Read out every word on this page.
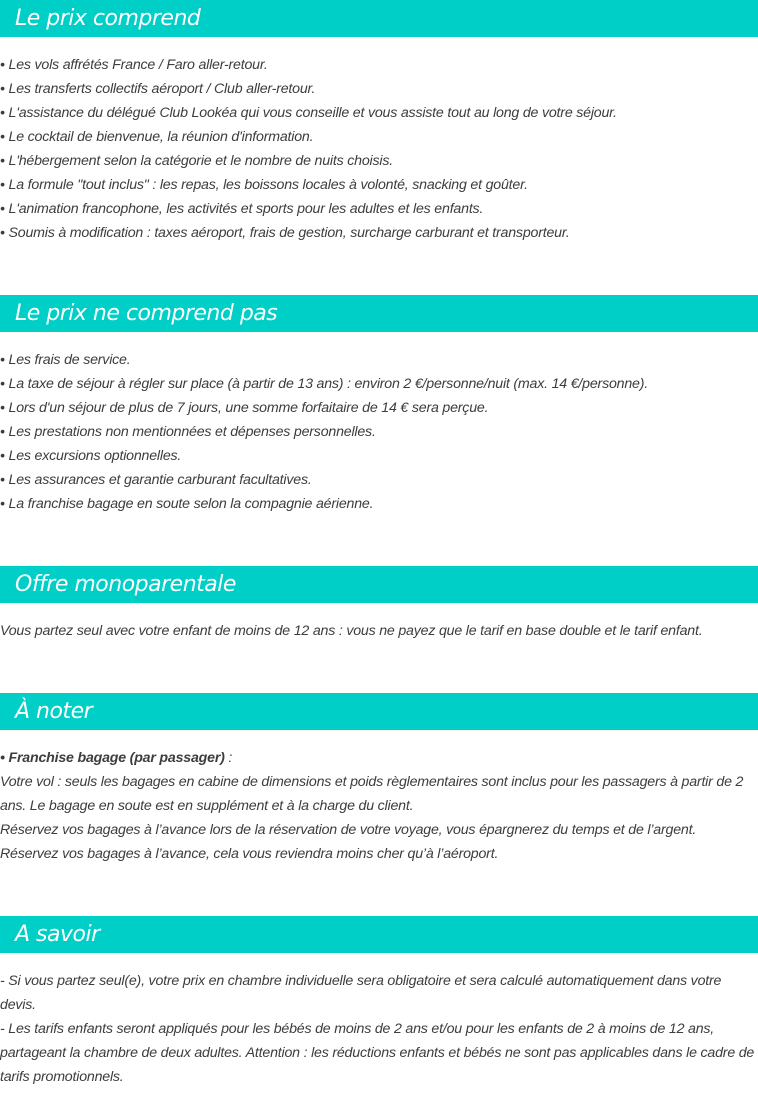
Le prix comprend
• Les vols affrétés France / Faro aller-retour.
• Les transferts collectifs aéroport / Club aller-retour.
• L'assistance du délégué Club Lookéa qui vous conseille et vous assiste tout au long de votre séjour.
• Le cocktail de bienvenue, la réunion d'information.
• L'hébergement selon la catégorie et le nombre de nuits choisis.
• La formule "tout inclus" : les repas, les boissons locales à volonté, snacking et goûter.
• L'animation francophone, les activités et sports pour les adultes et les enfants.
• Soumis à modification : taxes aéroport, frais de gestion, surcharge carburant et transporteur.
Le prix ne comprend pas
• Les frais de service.
• La taxe de séjour à régler sur place (à partir de 13 ans) : environ 2 €/personne/nuit (max. 14 €/personne).
• Lors d'un séjour de plus de 7 jours, une somme forfaitaire de 14 € sera perçue.
• Les prestations non mentionnées et dépenses personnelles.
• Les excursions optionnelles.
• Les assurances et garantie carburant facultatives.
• La franchise bagage en soute selon la compagnie aérienne.
Offre monoparentale
Vous partez seul avec votre enfant de moins de 12 ans : vous ne payez que le tarif en base double et le tarif enfant.
À noter
• Franchise bagage (par passager) :
Votre vol : seuls les bagages en cabine de dimensions et poids règlementaires sont inclus pour les passagers à partir de 2 ans. Le bagage en soute est en supplément et à la charge du client.
Réservez vos bagages à l’avance lors de la réservation de votre voyage, vous épargnerez du temps et de l’argent.
Réservez vos bagages à l’avance, cela vous reviendra moins cher qu’à l’aéroport.
A savoir
- Si vous partez seul(e), votre prix en chambre individuelle sera obligatoire et sera calculé automatiquement dans votre devis.
- Les tarifs enfants seront appliqués pour les bébés de moins de 2 ans et/ou pour les enfants de 2 à moins de 12 ans, partageant la chambre de deux adultes. Attention : les réductions enfants et bébés ne sont pas applicables dans le cadre de tarifs promotionnels.
